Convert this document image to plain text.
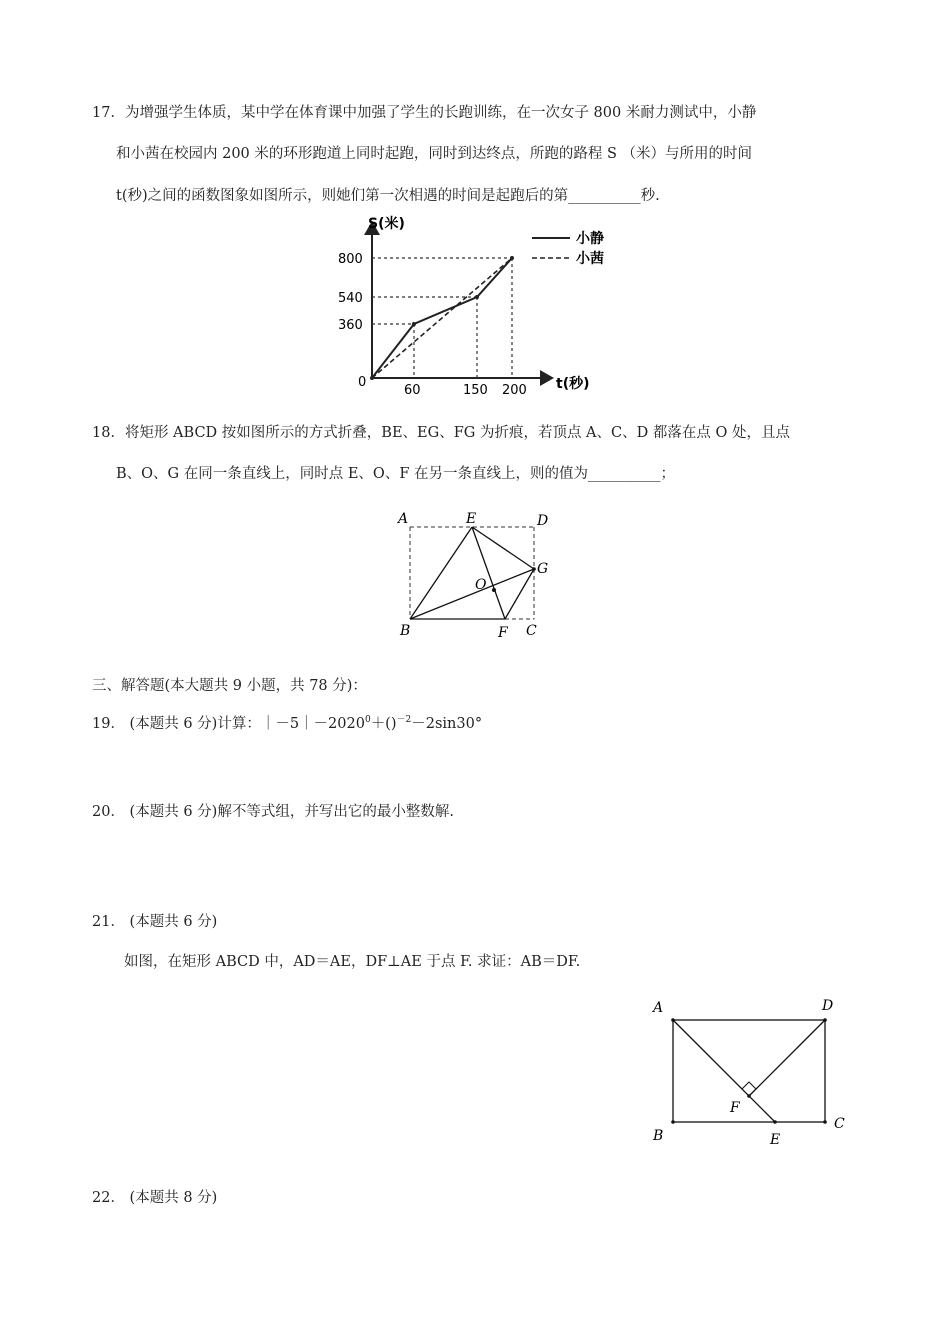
17．为增强学生体质，某中学在体育课中加强了学生的长跑训练，在一次女子 800 米耐力测试中，小静
和小茜在校园内 200 米的环形跑道上同时起跑，同时到达终点，所跑的路程 S （米）与所用的时间
t(秒)之间的函数图象如图所示，则她们第一次相遇的时间是起跑后的第__________秒.
S(米)
t(秒)
0
360
540
800
60	150 200
小静
小茜
18．将矩形 ABCD 按如图所示的方式折叠，BE、EG、FG 为折痕，若顶点 A、C、D 都落在点 O 处，且点
B、O、G 在同一条直线上，同时点 E、O、F 在另一条直线上，则的值为__________；
A	E	D
G
O
B	F C
三、解答题(本大题共 9 小题，共 78 分)：
19． (本题共 6 分)计算：$|-5|-2020^0+()^{-2}-2\sin 30^\circ$
20． (本题共 6 分)解不等式组，并写出它的最小整数解.
21． (本题共 6 分)
如图，在矩形 ABCD 中，AD＝AE，DF⊥AE 于点 F. 求证：AB＝DF.
A	D
F
B	E
C
22． (本题共 8 分)
